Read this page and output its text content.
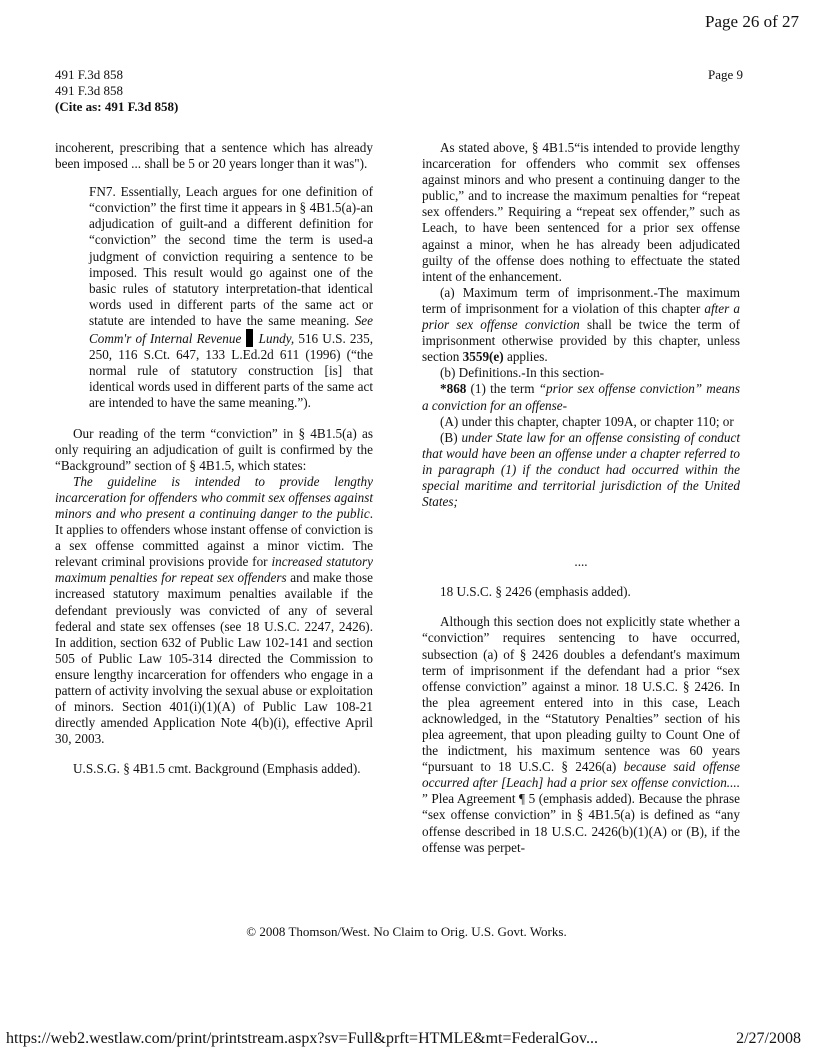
Page 26 of 27
491 F.3d 858
491 F.3d 858
(Cite as: 491 F.3d 858)
Page 9

incoherent, prescribing that a sentence which has already been imposed ... shall be 5 or 20 years longer than it was").

FN7. Essentially, Leach argues for one definition of “conviction” the first time it appears in § 4B1.5(a)-an adjudication of guilt-and a different definition for “conviction” the second time the term is used-a judgment of conviction requiring a sentence to be imposed. This result would go against one of the basic rules of statutory interpretation-that identical words used in different parts of the same act or statute are intended to have the same meaning. See Comm'r of Internal Revenue  Lundy, 516 U.S. 235, 250, 116 S.Ct. 647, 133 L.Ed.2d 611 (1996) (“the normal rule of statutory construction [is] that identical words used in different parts of the same act are intended to have the same meaning.”).

Our reading of the term “conviction” in § 4B1.5(a) as only requiring an adjudication of guilt is confirmed by the “Background” section of § 4B1.5, which states:

The guideline is intended to provide lengthy incarceration for offenders who commit sex offenses against minors and who present a continuing danger to the public. It applies to offenders whose instant offense of conviction is a sex offense committed against a minor victim. The relevant criminal provisions provide for increased statutory maximum penalties for repeat sex offenders and make those increased statutory maximum penalties available if the defendant previously was convicted of any of several federal and state sex offenses (see 18 U.S.C. 2247, 2426). In addition, section 632 of Public Law 102-141 and section 505 of Public Law 105-314 directed the Commission to ensure lengthy incarceration for offenders who engage in a pattern of activity involving the sexual abuse or exploitation of minors. Section 401(i)(1)(A) of Public Law 108-21 directly amended Application Note 4(b)(i), effective April 30, 2003.

U.S.S.G. § 4B1.5 cmt. Background (Emphasis added).

As stated above, § 4B1.5“is intended to provide lengthy incarceration for offenders who commit sex offenses against minors and who present a continuing danger to the public,” and to increase the maximum penalties for “repeat sex offenders.” Requiring a “repeat sex offender,” such as Leach, to have been sentenced for a prior sex offense against a minor, when he has already been adjudicated guilty of the offense does nothing to effectuate the stated intent of the enhancement.

(a) Maximum term of imprisonment.-The maximum term of imprisonment for a violation of this chapter after a prior sex offense conviction shall be twice the term of imprisonment otherwise provided by this chapter, unless section 3559(e) applies.

(b) Definitions.-In this section-

*868 (1) the term “prior sex offense conviction” means a conviction for an offense-

(A) under this chapter, chapter 109A, or chapter 110; or

(B) under State law for an offense consisting of conduct that would have been an offense under a chapter referred to in paragraph (1) if the conduct had occurred within the special maritime and territorial jurisdiction of the United States;

....

18 U.S.C. § 2426 (emphasis added).

Although this section does not explicitly state whether a “conviction” requires sentencing to have occurred, subsection (a) of § 2426 doubles a defendant's maximum term of imprisonment if the defendant had a prior “sex offense conviction” against a minor. 18 U.S.C. § 2426. In the plea agreement entered into in this case, Leach acknowledged, in the “Statutory Penalties” section of his plea agreement, that upon pleading guilty to Count One of the indictment, his maximum sentence was 60 years “pursuant to 18 U.S.C. § 2426(a) because said offense occurred after [Leach] had a prior sex offense conviction.... ” Plea Agreement ¶ 5 (emphasis added). Because the phrase “sex offense conviction” in § 4B1.5(a) is defined as “any offense described in 18 U.S.C. 2426(b)(1)(A) or (B), if the offense was perpet-

© 2008 Thomson/West. No Claim to Orig. U.S. Govt. Works.
https://web2.westlaw.com/print/printstream.aspx?sv=Full&prft=HTMLE&mt=FederalGov...	2/27/2008
